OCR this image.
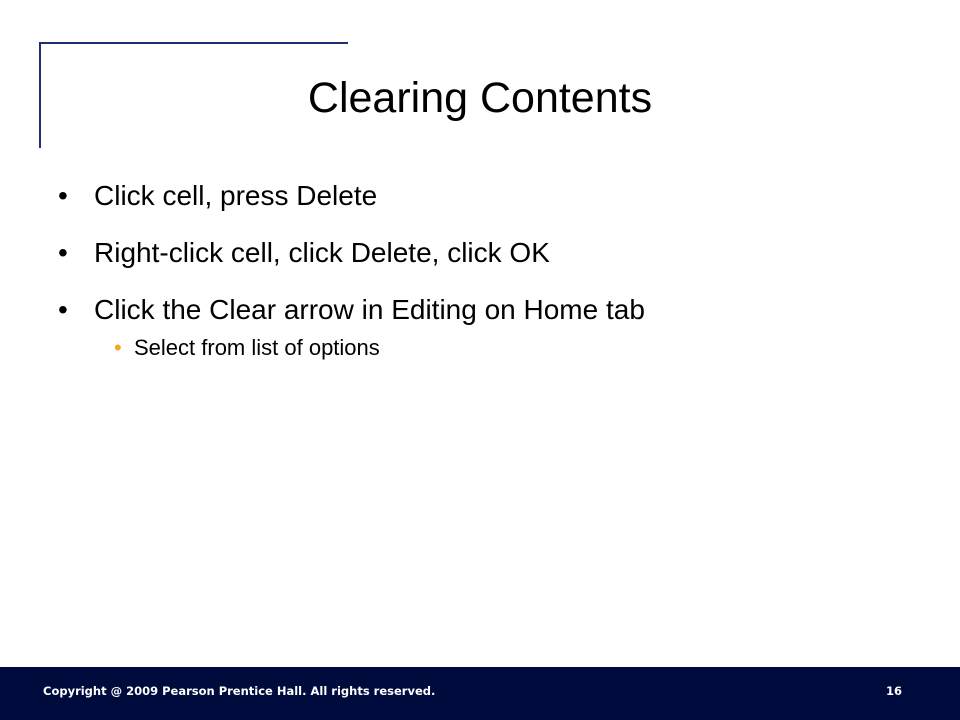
Clearing Contents
• Click cell, press Delete
• Right-click cell, click Delete, click OK
• Click the Clear arrow in Editing on Home tab
• Select from list of options
Copyright @ 2009 Pearson Prentice Hall. All rights reserved.	16
